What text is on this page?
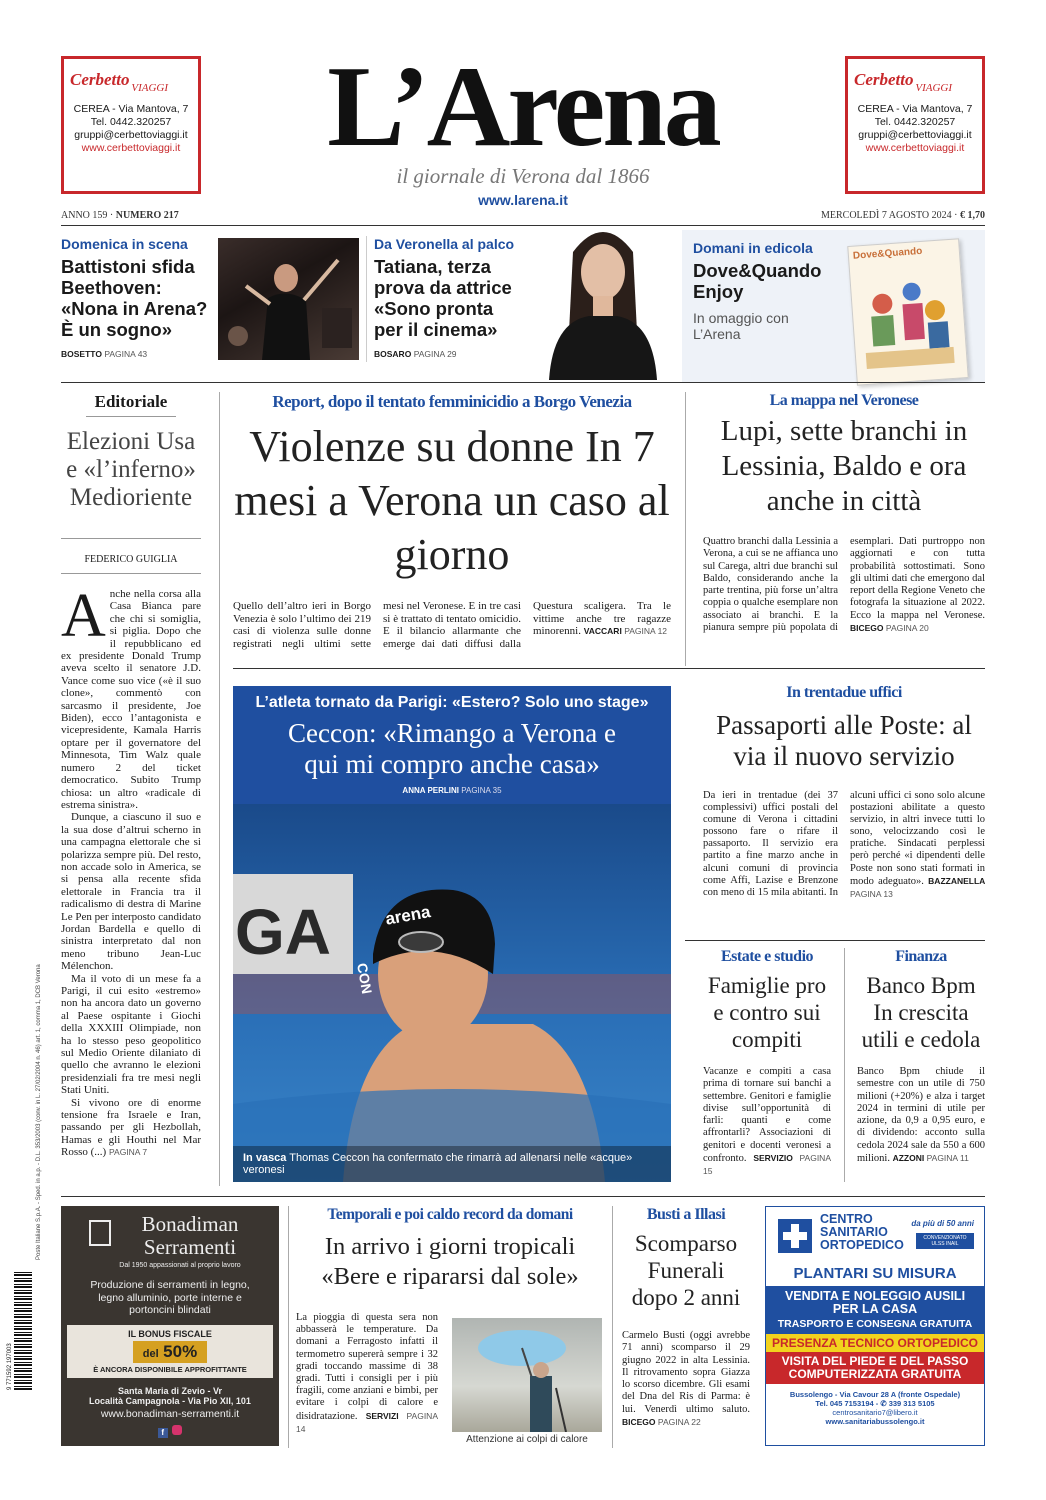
Cerbetto VIAGGI
CEREA - Via Mantova, 7
Tel. 0442.320257
gruppi@cerbettoviaggi.it
www.cerbettoviaggi.it
Cerbetto VIAGGI
CEREA - Via Mantova, 7
Tel. 0442.320257
gruppi@cerbettoviaggi.it
www.cerbettoviaggi.it
L’Arena
il giornale di Verona dal 1866
www.larena.it
ANNO 159 · NUMERO 217	MERCOLEDÌ 7 AGOSTO 2024 · € 1,70
Domenica in scena
Battistoni sfida Beethoven: «Nona in Arena? È un sogno»
BOSETTO PAGINA 43
Da Veronella al palco
Tatiana, terza prova da attrice «Sono pronta per il cinema»
BOSARO PAGINA 29
Domani in edicola
Dove&Quando Enjoy
In omaggio con L’Arena
Dove&Quando
Editoriale
Elezioni Usa e «l’inferno» Medioriente
FEDERICO GUIGLIA
A nche nella corsa alla Casa Bianca pare che chi si somiglia, si piglia. Dopo che il repubblicano ed ex presidente Donald Trump aveva scelto il senatore J.D. Vance come suo vice («è il suo clone», commentò con sarcasmo il presidente, Joe Biden), ecco l’antagonista e vicepresidente, Kamala Harris optare per il governatore del Minnesota, Tim Walz quale numero 2 del ticket democratico. Subito Trump chiosa: un altro «radicale di estrema sinistra».

Dunque, a ciascuno il suo e la sua dose d’altrui scherno in una campagna elettorale che si polarizza sempre più. Del resto, non accade solo in America, se si pensa alla recente sfida elettorale in Francia tra il radicalismo di destra di Marine Le Pen per interposto candidato Jordan Bardella e quello di sinistra interpretato dal non meno tribuno Jean-Luc Mélenchon.

Ma il voto di un mese fa a Parigi, il cui esito «estremo» non ha ancora dato un governo al Paese ospitante i Giochi della XXXIII Olimpiade, non ha lo stesso peso geopolitico sul Medio Oriente dilaniato di quello che avranno le elezioni presidenziali fra tre mesi negli Stati Uniti.

Si vivono ore di enorme tensione fra Israele e Iran, passando per gli Hezbollah, Hamas e gli Houthi nel Mar Rosso (...) PAGINA 7

Poste Italiane S.p.A. - Sped. in a.p. - D.L. 353/2003 (conv. in L. 27/02/2004 n. 46) art. 1, comma 1, DCB Verona
9 771592 197003
Report, dopo il tentato femminicidio a Borgo Venezia
Violenze su donne In 7 mesi a Verona un caso al giorno
Quello dell’altro ieri in Borgo Venezia è solo l’ultimo dei 219 casi di violenza sulle donne registrati negli ultimi sette mesi nel Veronese. E in tre casi si è trattato di tentato omicidio. E il bilancio allarmante che emerge dai dati diffusi dalla Questura scaligera. Tra le vittime anche tre ragazze minorenni. VACCARI PAGINA 12
La mappa nel Veronese
Lupi, sette branchi in Lessinia, Baldo e ora anche in città
Quattro branchi dalla Lessinia a Verona, a cui se ne affianca uno sul Carega, altri due branchi sul Baldo, considerando anche la parte trentina, più forse un’altra coppia o qualche esemplare non associato ai branchi. E la pianura sempre più popolata di esemplari. Dati purtroppo non aggiornati e con tutta probabilità sottostimati. Sono gli ultimi dati che emergono dal report della Regione Veneto che fotografa la situazione al 2022. Ecco la mappa nel Veronese. BICEGO PAGINA 20
L’atleta tornato da Parigi: «Estero? Solo uno stage»
Ceccon: «Rimango a Verona e qui mi compro anche casa»
ANNA PERLINI PAGINA 35
GA	arena
CON
In vasca Thomas Ceccon ha confermato che rimarrà ad allenarsi nelle «acque» veronesi
In trentadue uffici
Passaporti alle Poste: al via il nuovo servizio
Da ieri in trentadue (dei 37 complessivi) uffici postali del comune di Verona i cittadini possono fare o rifare il passaporto. Il servizio era partito a fine marzo anche in alcuni comuni di provincia come Affi, Lazise e Brenzone con meno di 15 mila abitanti. In alcuni uffici ci sono solo alcune postazioni abilitate a questo servizio, in altri invece tutti lo sono, velocizzando così le pratiche. Sindacati perplessi però perché «i dipendenti delle Poste non sono stati formati in modo adeguato». BAZZANELLA PAGINA 13
Estate e studio
Famiglie pro e contro sui compiti
Vacanze e compiti a casa prima di tornare sui banchi a settembre. Genitori e famiglie divise sull’opportunità di farli: quanti e come affrontarli? Associazioni di genitori e docenti veronesi a confronto. SERVIZIO PAGINA 15
Finanza
Banco Bpm In crescita utili e cedola
Banco Bpm chiude il semestre con un utile di 750 milioni (+20%) e alza i target 2024 in termini di utile per azione, da 0,9 a 0,95 euro, e di dividendo: acconto sulla cedola 2024 sale da 550 a 600 milioni. AZZONI PAGINA 11
Bonadiman
Serramenti
Dal 1950 appassionati al proprio lavoro
Produzione di serramenti in legno, legno alluminio, porte interne e portoncini blindati
IL BONUS FISCALE
del 50%
È ANCORA DISPONIBILE APPROFITTANTE
Santa Maria di Zevio - Vr
Località Campagnola - Via Pio XII, 101
www.bonadiman-serramenti.it
f
Temporali e poi caldo record da domani
In arrivo i giorni tropicali «Bere e ripararsi dal sole»
La pioggia di questa sera non abbasserà le temperature. Da domani a Ferragosto infatti il termometro supererà sempre i 32 gradi toccando massime di 38 gradi. Tutti i consigli per i più fragili, come anziani e bimbi, per evitare i colpi di calore e disidratazione. SERVIZI PAGINA 14
Attenzione ai colpi di calore
Busti a Illasi
Scomparso Funerali dopo 2 anni
Carmelo Busti (oggi avrebbe 71 anni) scomparso il 29 giugno 2022 in alta Lessinia. Il ritrovamento sopra Giazza lo scorso dicembre. Gli esami del Dna del Ris di Parma: è lui. Venerdì ultimo saluto. BICEGO PAGINA 22
CENTRO
SANITARIO
ORTOPEDICO
da più di 50 anni
CONVENZIONATO ULSS INAIL
PLANTARI SU MISURA
VENDITA E NOLEGGIO AUSILI PER LA CASA
TRASPORTO E CONSEGNA GRATUITA
PRESENZA TECNICO ORTOPEDICO
VISITA DEL PIEDE E DEL PASSO COMPUTERIZZATA GRATUITA
Bussolengo - Via Cavour 28 A (fronte Ospedale)
Tel. 045 7153194 - ✆ 339 313 5105
centrosanitario7@libero.it
www.sanitariabussolengo.it
